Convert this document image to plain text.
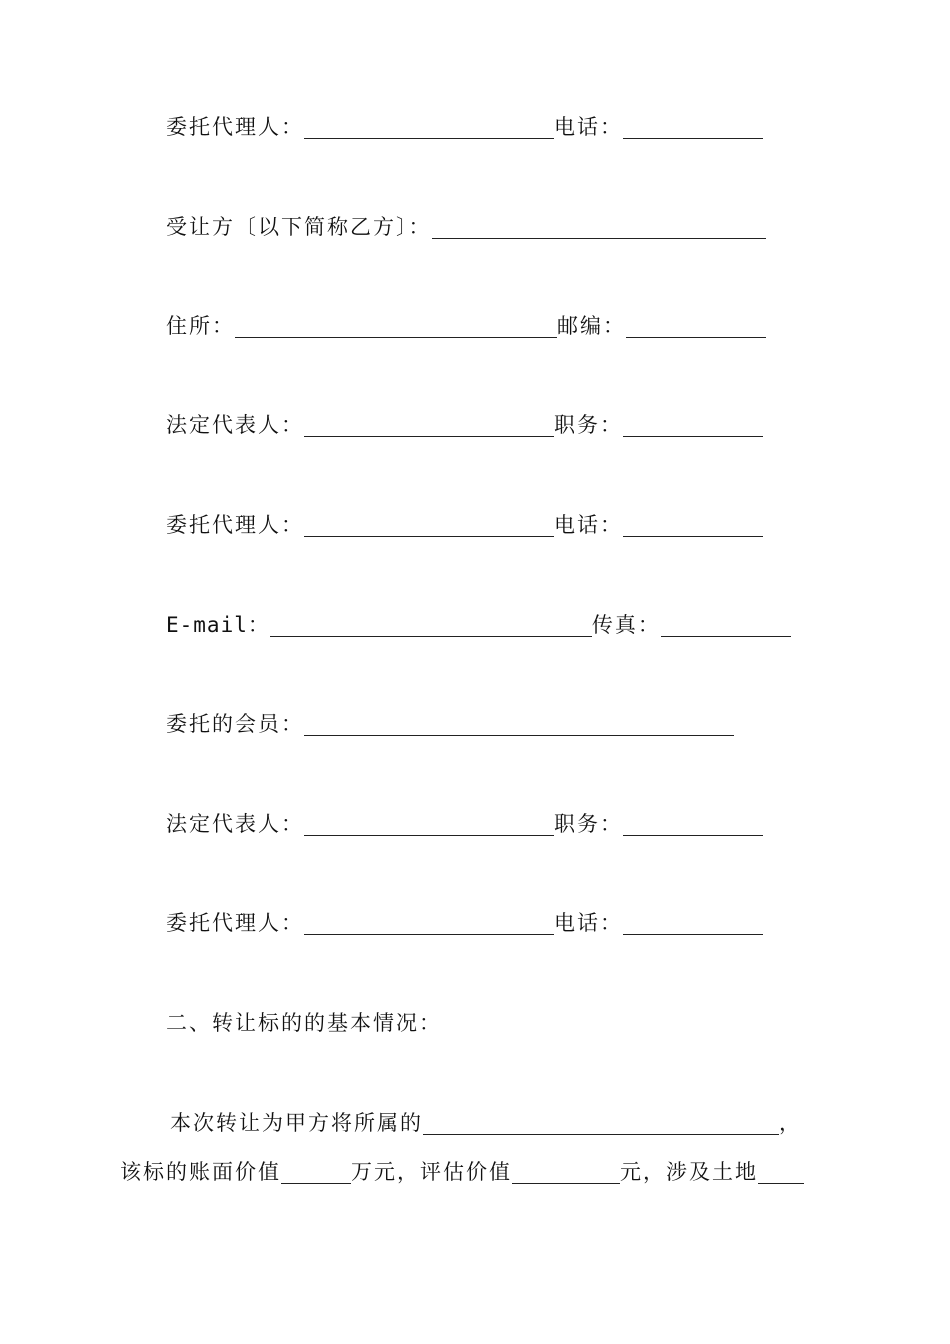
委托代理人：	电话：
受让方〔以下简称乙方〕：
住所：	邮编：
法定代表人：	职务：
委托代理人：	电话：
E-mail：	传真：
委托的会员：
法定代表人：	职务：
委托代理人：	电话：
二、转让标的的基本情况：
本次转让为甲方将所属的	，
该标的账面价值	万元，评估价值	元，涉及土地
